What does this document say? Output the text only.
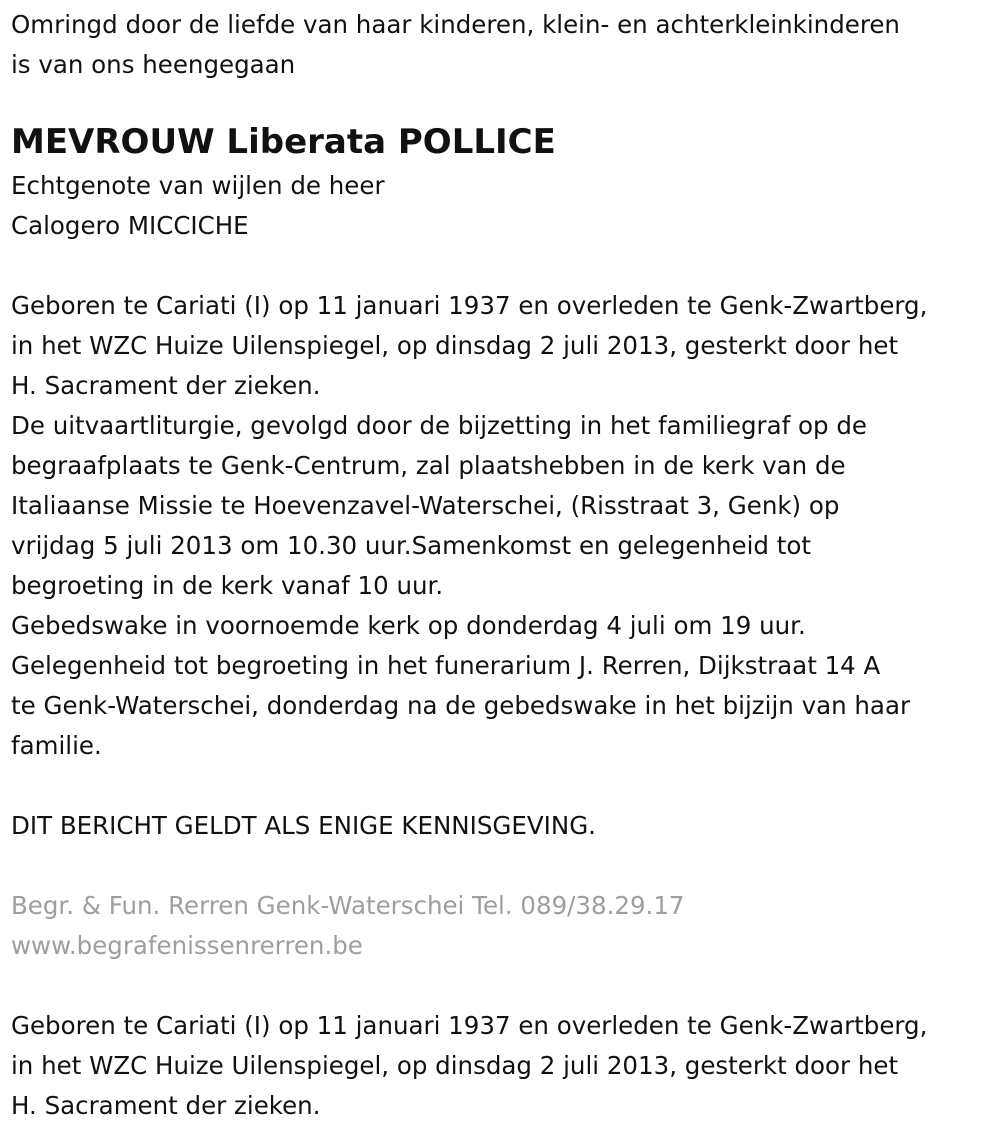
Omringd door de liefde van haar kinderen, klein- en achterkleinkinderen
is van ons heengegaan
MEVROUW Liberata POLLICE
Echtgenote van wijlen de heer
Calogero MICCICHE
Geboren te Cariati (I) op 11 januari 1937 en overleden te Genk-Zwartberg,
in het WZC Huize Uilenspiegel, op dinsdag 2 juli 2013, gesterkt door het
H. Sacrament der zieken.
De uitvaartliturgie, gevolgd door de bijzetting in het familiegraf op de
begraafplaats te Genk-Centrum, zal plaatshebben in de kerk van de
Italiaanse Missie te Hoevenzavel-Waterschei, (Risstraat 3, Genk) op
vrijdag 5 juli 2013 om 10.30 uur.Samenkomst en gelegenheid tot
begroeting in de kerk vanaf 10 uur.
Gebedswake in voornoemde kerk op donderdag 4 juli om 19 uur.
Gelegenheid tot begroeting in het funerarium J. Rerren, Dijkstraat 14 A
te Genk-Waterschei, donderdag na de gebedswake in het bijzijn van haar
familie.
DIT BERICHT GELDT ALS ENIGE KENNISGEVING.
Begr. & Fun. Rerren Genk-Waterschei Tel. 089/38.29.17
www.begrafenissenrerren.be
Geboren te Cariati (I) op 11 januari 1937 en overleden te Genk-Zwartberg,
in het WZC Huize Uilenspiegel, op dinsdag 2 juli 2013, gesterkt door het
H. Sacrament der zieken.
